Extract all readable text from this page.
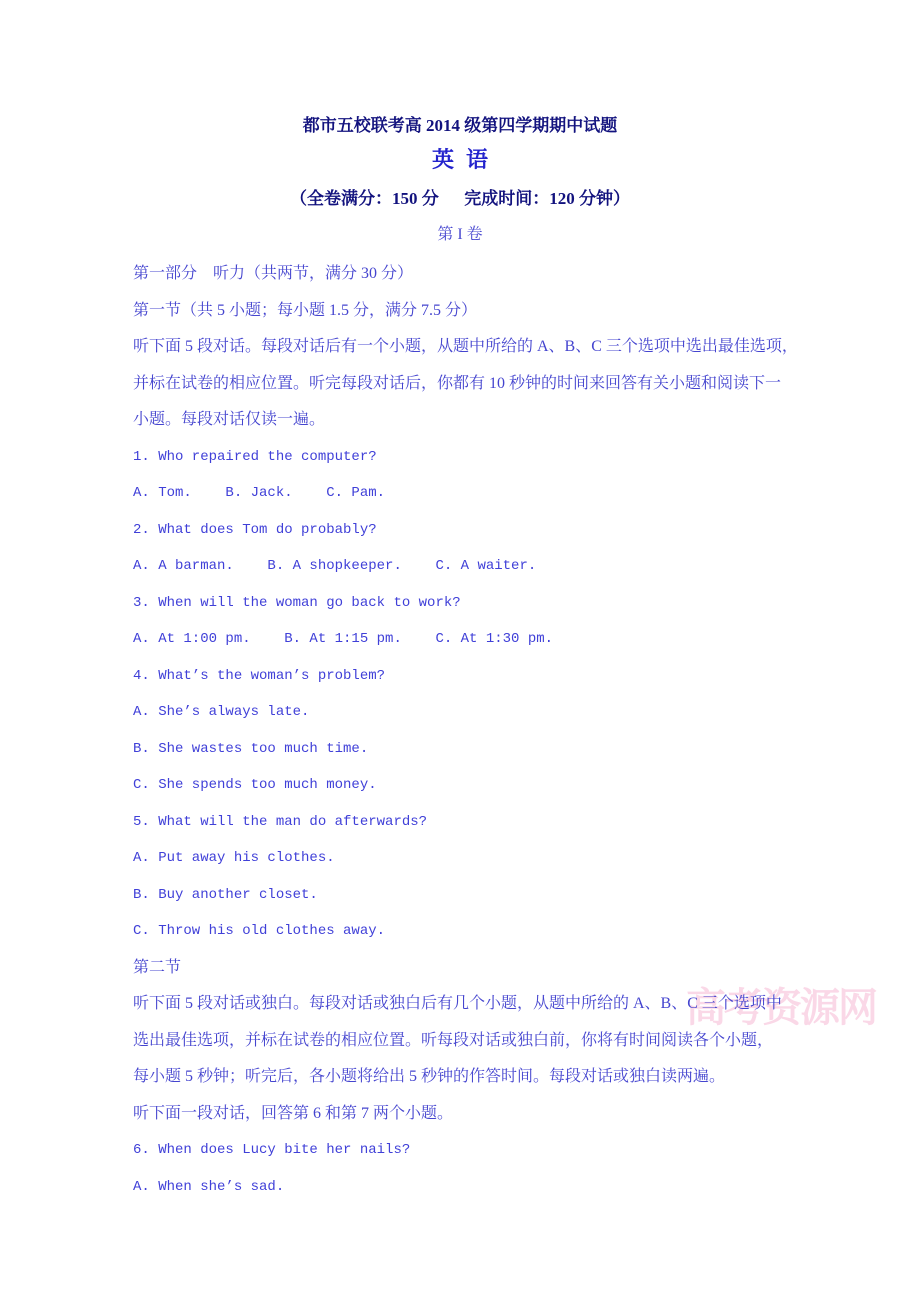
高考资源网
都市五校联考高 2014 级第四学期期中试题
英语
（全卷满分：150 分      完成时间：120 分钟）
第 I 卷
第一部分　听力（共两节，满分 30 分）
第一节（共 5 小题；每小题 1.5 分，满分 7.5 分）
听下面 5 段对话。每段对话后有一个小题，从题中所给的 A、B、C 三个选项中选出最佳选项，
并标在试卷的相应位置。听完每段对话后，你都有 10 秒钟的时间来回答有关小题和阅读下一
小题。每段对话仅读一遍。
1. Who repaired the computer?
A. Tom.    B. Jack.    C. Pam.
2. What does Tom do probably?
A. A barman.    B. A shopkeeper.    C. A waiter.
3. When will the woman go back to work?
A. At 1:00 pm.    B. At 1:15 pm.    C. At 1:30 pm.
4. What’s the woman’s problem?
A. She’s always late.
B. She wastes too much time.
C. She spends too much money.
5. What will the man do afterwards?
A. Put away his clothes.
B. Buy another closet.
C. Throw his old clothes away.
第二节
听下面 5 段对话或独白。每段对话或独白后有几个小题，从题中所给的 A、B、C 三个选项中
选出最佳选项，并标在试卷的相应位置。听每段对话或独白前，你将有时间阅读各个小题，
每小题 5 秒钟；听完后，各小题将给出 5 秒钟的作答时间。每段对话或独白读两遍。
听下面一段对话，回答第 6 和第 7 两个小题。
6. When does Lucy bite her nails?
A. When she’s sad.
